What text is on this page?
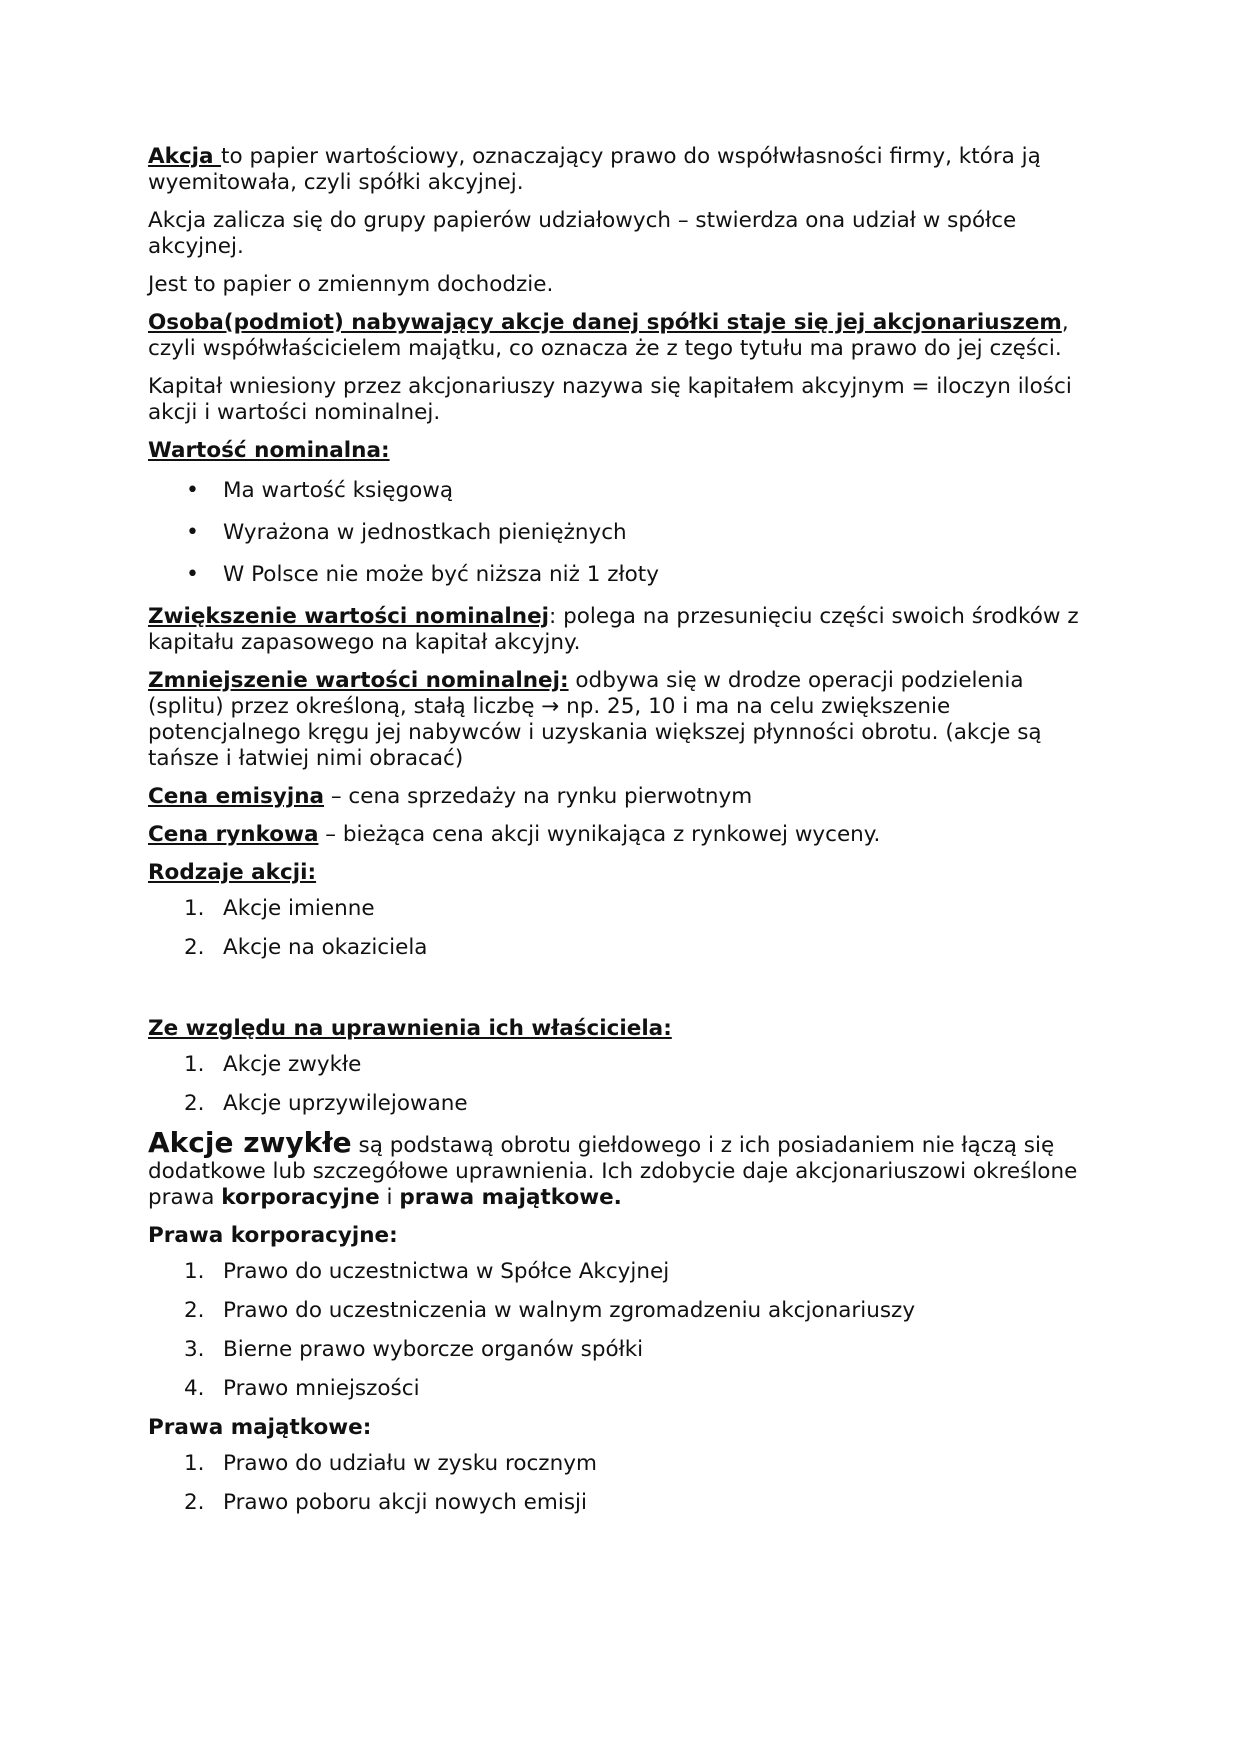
Akcja to papier wartościowy, oznaczający prawo do współwłasności firmy, która ją wyemitowała, czyli spółki akcyjnej.

Akcja zalicza się do grupy papierów udziałowych – stwierdza ona udział w spółce akcyjnej.

Jest to papier o zmiennym dochodzie.

Osoba(podmiot) nabywający akcje danej spółki staje się jej akcjonariuszem, czyli współwłaścicielem majątku, co oznacza że z tego tytułu ma prawo do jej części.

Kapitał wniesiony przez akcjonariuszy nazywa się kapitałem akcyjnym = iloczyn ilości akcji i wartości nominalnej.

Wartość nominalna:

• Ma wartość księgową
• Wyrażona w jednostkach pieniężnych
• W Polsce nie może być niższa niż 1 złoty

Zwiększenie wartości nominalnej: polega na przesunięciu części swoich środków z kapitału zapasowego na kapitał akcyjny.

Zmniejszenie wartości nominalnej: odbywa się w drodze operacji podzielenia (splitu) przez określoną, stałą liczbę → np. 25, 10 i ma na celu zwiększenie potencjalnego kręgu jej nabywców i uzyskania większej płynności obrotu. (akcje są tańsze i łatwiej nimi obracać)

Cena emisyjna – cena sprzedaży na rynku pierwotnym

Cena rynkowa – bieżąca cena akcji wynikająca z rynkowej wyceny.

Rodzaje akcji:

1. Akcje imienne
2. Akcje na okaziciela

Ze względu na uprawnienia ich właściciela:

1. Akcje zwykłe
2. Akcje uprzywilejowane

Akcje zwykłe są podstawą obrotu giełdowego i z ich posiadaniem nie łączą się dodatkowe lub szczegółowe uprawnienia. Ich zdobycie daje akcjonariuszowi określone prawa korporacyjne i prawa majątkowe.

Prawa korporacyjne:

1. Prawo do uczestnictwa w Spółce Akcyjnej
2. Prawo do uczestniczenia w walnym zgromadzeniu akcjonariuszy
3. Bierne prawo wyborcze organów spółki
4. Prawo mniejszości

Prawa majątkowe:

1. Prawo do udziału w zysku rocznym
2. Prawo poboru akcji nowych emisji
